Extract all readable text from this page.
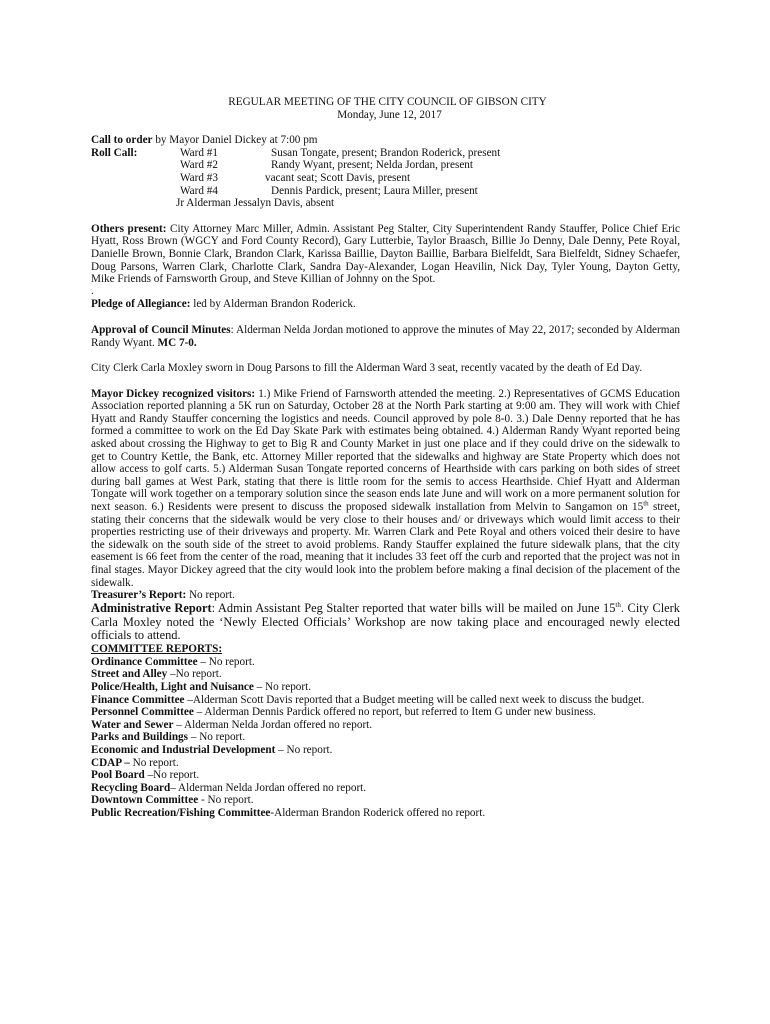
REGULAR MEETING OF THE CITY COUNCIL OF GIBSON CITY

Monday, June 12, 2017

Call to order by Mayor Daniel Dickey at 7:00 pm
Roll Call:	Ward #1	Susan Tongate, present; Brandon Roderick, present
Ward #2	Randy Wyant, present; Nelda Jordan, present
Ward #3	vacant seat; Scott Davis, present
Ward #4	Dennis Pardick, present; Laura Miller, present
Jr Alderman Jessalyn Davis, absent

Others present: City Attorney Marc Miller, Admin. Assistant Peg Stalter, City Superintendent Randy Stauffer, Police Chief Eric Hyatt, Ross Brown (WGCY and Ford County Record), Gary Lutterbie, Taylor Braasch, Billie Jo Denny, Dale Denny, Pete Royal, Danielle Brown, Bonnie Clark, Brandon Clark, Karissa Baillie, Dayton Baillie, Barbara Bielfeldt, Sara Bielfeldt, Sidney Schaefer, Doug Parsons, Warren Clark, Charlotte Clark, Sandra Day-Alexander, Logan Heavilin, Nick Day, Tyler Young, Dayton Getty, Mike Friends of Farnsworth Group, and Steve Killian of Johnny on the Spot.

.

Pledge of Allegiance: led by Alderman Brandon Roderick.

Approval of Council Minutes: Alderman Nelda Jordan motioned to approve the minutes of May 22, 2017; seconded by Alderman Randy Wyant. MC 7-0.

City Clerk Carla Moxley sworn in Doug Parsons to fill the Alderman Ward 3 seat, recently vacated by the death of Ed Day.

Mayor Dickey recognized visitors: 1.) Mike Friend of Farnsworth attended the meeting. 2.) Representatives of GCMS Education Association reported planning a 5K run on Saturday, October 28 at the North Park starting at 9:00 am. They will work with Chief Hyatt and Randy Stauffer concerning the logistics and needs. Council approved by pole 8-0. 3.) Dale Denny reported that he has formed a committee to work on the Ed Day Skate Park with estimates being obtained. 4.) Alderman Randy Wyant reported being asked about crossing the Highway to get to Big R and County Market in just one place and if they could drive on the sidewalk to get to Country Kettle, the Bank, etc. Attorney Miller reported that the sidewalks and highway are State Property which does not allow access to golf carts. 5.) Alderman Susan Tongate reported concerns of Hearthside with cars parking on both sides of street during ball games at West Park, stating that there is little room for the semis to access Hearthside. Chief Hyatt and Alderman Tongate will work together on a temporary solution since the season ends late June and will work on a more permanent solution for next season. 6.) Residents were present to discuss the proposed sidewalk installation from Melvin to Sangamon on 15th street, stating their concerns that the sidewalk would be very close to their houses and/ or driveways which would limit access to their properties restricting use of their driveways and property. Mr. Warren Clark and Pete Royal and others voiced their desire to have the sidewalk on the south side of the street to avoid problems. Randy Stauffer explained the future sidewalk plans, that the city easement is 66 feet from the center of the road, meaning that it includes 33 feet off the curb and reported that the project was not in final stages. Mayor Dickey agreed that the city would look into the problem before making a final decision of the placement of the sidewalk.

Treasurer’s Report: No report.

Administrative Report: Admin Assistant Peg Stalter reported that water bills will be mailed on June 15th. City Clerk Carla Moxley noted the ‘Newly Elected Officials’ Workshop are now taking place and encouraged newly elected officials to attend.

COMMITTEE REPORTS:

Ordinance Committee – No report.

Street and Alley –No report.

Police/Health, Light and Nuisance – No report.

Finance Committee –Alderman Scott Davis reported that a Budget meeting will be called next week to discuss the budget.

Personnel Committee – Alderman Dennis Pardick offered no report, but referred to Item G under new business.

Water and Sewer – Alderman Nelda Jordan offered no report.

Parks and Buildings – No report.

Economic and Industrial Development – No report.

CDAP – No report.

Pool Board –No report.

Recycling Board– Alderman Nelda Jordan offered no report.

Downtown Committee - No report.

Public Recreation/Fishing Committee-Alderman Brandon Roderick offered no report.
